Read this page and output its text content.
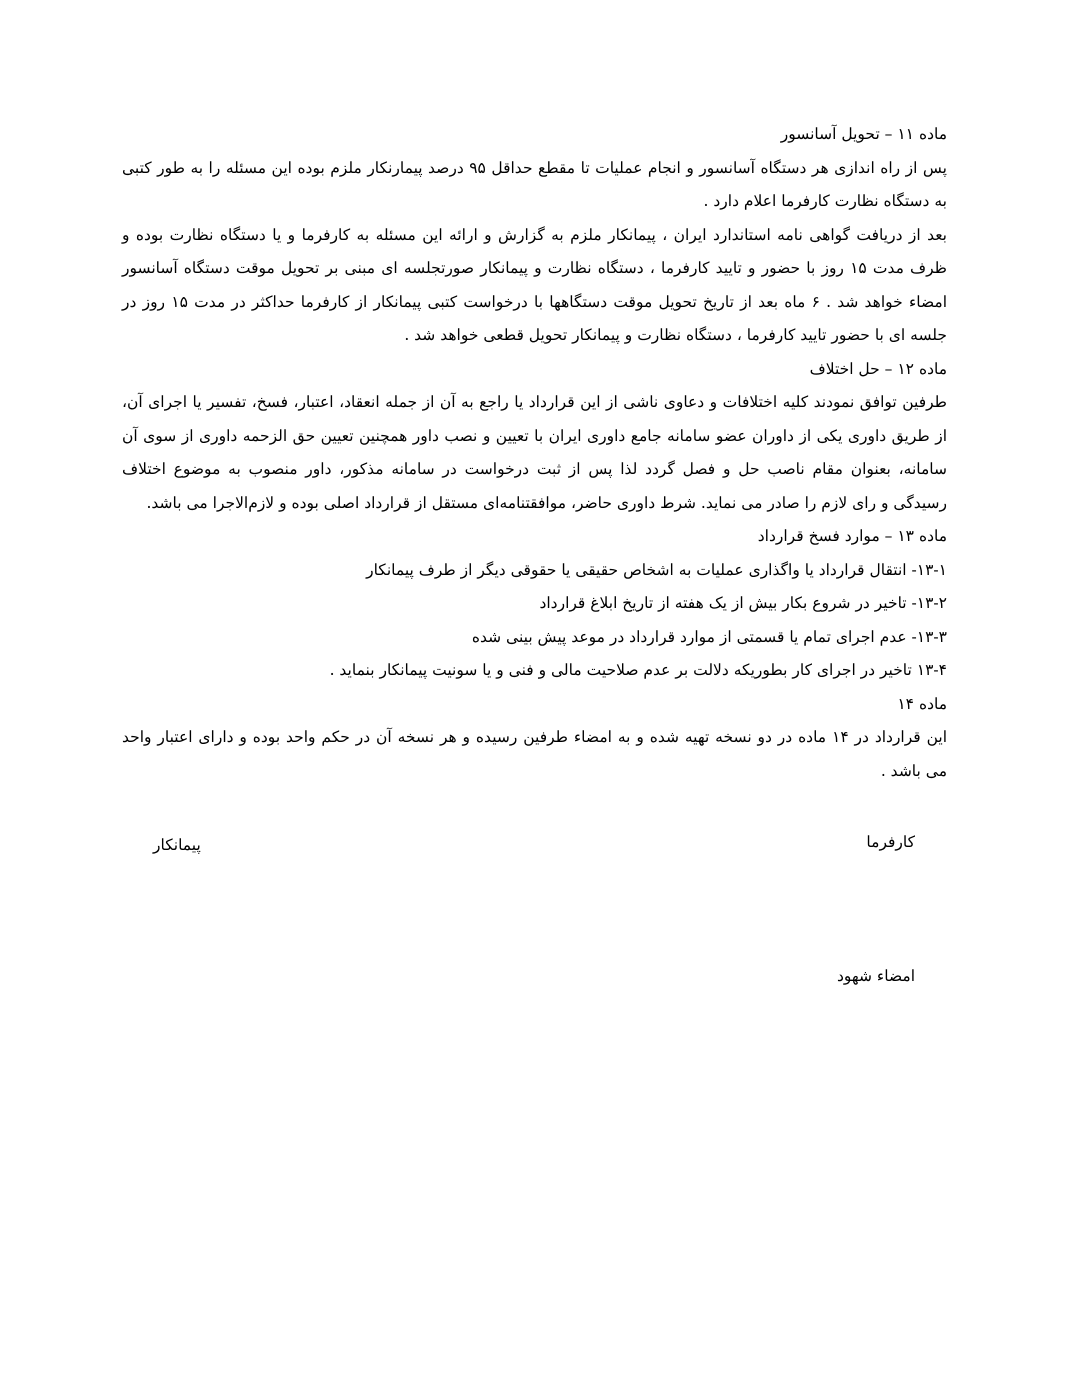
ماده ۱۱ – تحویل آسانسور

پس از راه اندازی هر دستگاه آسانسور و انجام عملیات تا مقطع حداقل ۹۵ درصد پیمارنکار ملزم بوده این مسئله را به طور کتبی به دستگاه نظارت کارفرما اعلام دارد .

بعد از دریافت گواهی نامه استاندارد ایران ، پیمانکار ملزم به گزارش و ارائه این مسئله به کارفرما و یا دستگاه نظارت بوده و ظرف مدت ۱۵ روز با حضور و تایید کارفرما ، دستگاه نظارت و پیمانکار صورتجلسه ای مبنی بر تحویل موقت دستگاه آسانسور امضاء خواهد شد . ۶ ماه بعد از تاریخ تحویل موقت دستگاهها با درخواست کتبی پیمانکار از کارفرما حداکثر در مدت ۱۵ روز در جلسه ای با حضور تایید کارفرما ، دستگاه نظارت و پیمانکار تحویل قطعی خواهد شد .

ماده ۱۲ – حل اختلاف

طرفین توافق نمودند کلیه اختلافات و دعاوی ناشی از این قرارداد یا راجع به آن از جمله انعقاد، اعتبار، فسخ، تفسیر یا اجرای آن، از طریق داوری یکی از داوران عضو سامانه جامع داوری ایران با تعیین و نصب داور همچنین تعیین حق الزحمه داوری از سوی آن سامانه، بعنوان مقام ناصب حل و فصل گردد لذا پس از ثبت درخواست در سامانه مذکور، داور منصوب به موضوع اختلاف رسیدگی و رای لازم را صادر می نماید. شرط داوری حاضر، موافقتنامه‌ای مستقل از قرارداد اصلی بوده و لازم‌الاجرا می باشد.

ماده ۱۳ – موارد فسخ قرارداد

۱۳-۱- انتقال قرارداد یا واگذاری عملیات به اشخاص حقیقی یا حقوقی دیگر از طرف پیمانکار

۱۳-۲- تاخیر در شروع بکار بیش از یک هفته از تاریخ ابلاغ قرارداد

۱۳-۳- عدم اجرای تمام یا قسمتی از موارد قرارداد در موعد پیش بینی شده

۱۳-۴ تاخیر در اجرای کار بطوریکه دلالت بر عدم صلاحیت مالی و فنی و یا سونیت پیمانکار بنماید .

ماده ۱۴

این قرارداد در ۱۴ ماده در دو نسخه تهیه شده و به امضاء طرفین رسیده و هر نسخه آن در حکم واحد بوده و دارای اعتبار واحد می باشد .

کارفرما
پیمانکار
امضاء شهود
